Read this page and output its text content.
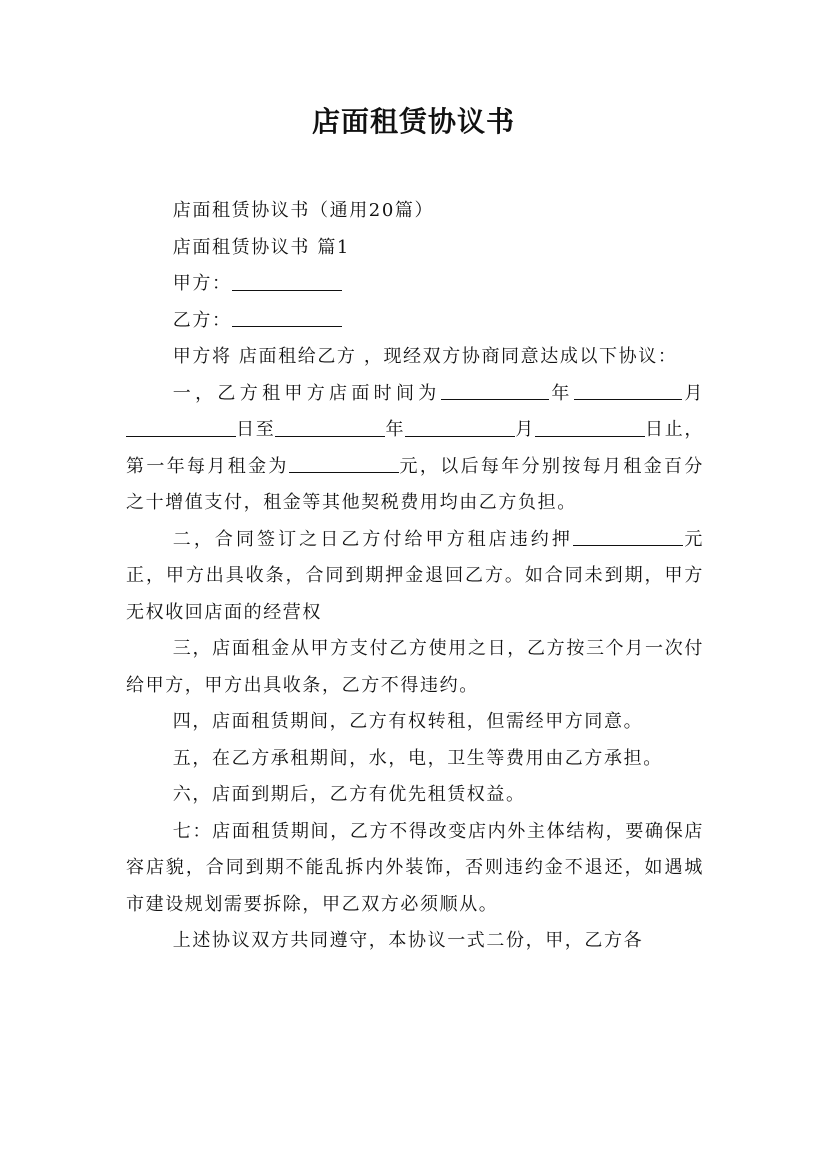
店面租赁协议书

店面租赁协议书（通用20篇）

店面租赁协议书 篇1

甲方：

乙方：

甲方将 店面租给乙方 ，现经双方协商同意达成以下协议：

一，乙方租甲方店面时间为	年	月日至	年	月	日止，第一年每月租金为	元，以后每年分别按每月租金百分之十增值支付，租金等其他契税费用均由乙方负担。

二，合同签订之日乙方付给甲方租店违约押	元正，甲方出具收条，合同到期押金退回乙方。如合同未到期，甲方无权收回店面的经营权

三，店面租金从甲方支付乙方使用之日，乙方按三个月一次付给甲方，甲方出具收条，乙方不得违约。

四，店面租赁期间，乙方有权转租，但需经甲方同意。

五，在乙方承租期间，水，电，卫生等费用由乙方承担。

六，店面到期后，乙方有优先租赁权益。

七：店面租赁期间，乙方不得改变店内外主体结构，要确保店容店貌，合同到期不能乱拆内外装饰，否则违约金不退还，如遇城市建设规划需要拆除，甲乙双方必须顺从。

上述协议双方共同遵守，本协议一式二份，甲，乙方各
